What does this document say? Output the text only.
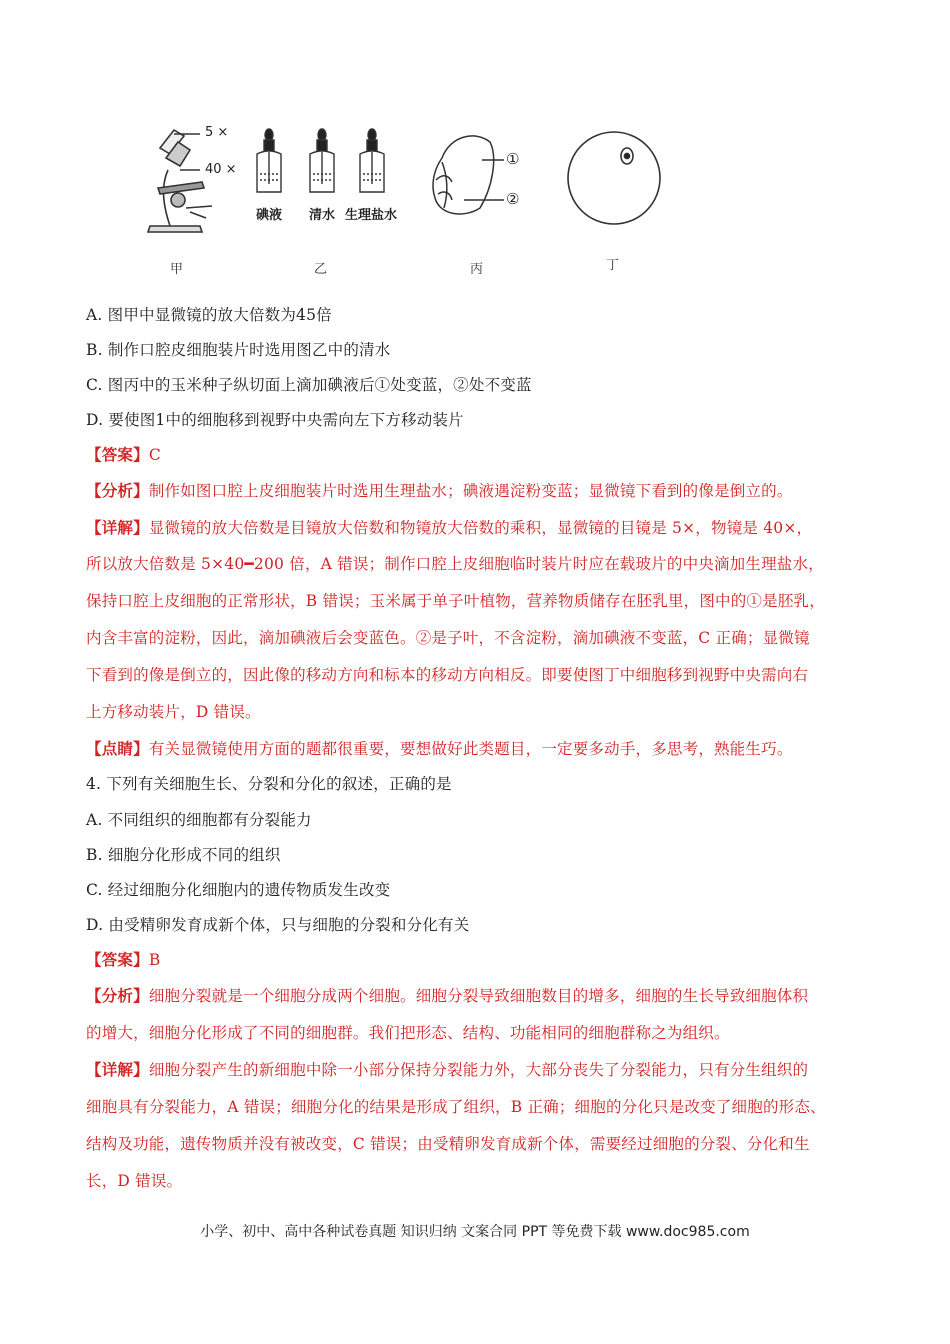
5 ×
40 ×
碘液 清水 生理盐水
①
②
甲	乙	丙	丁
A. 图甲中显微镜的放大倍数为45倍
B. 制作口腔皮细胞装片时选用图乙中的清水
C. 图丙中的玉米种子纵切面上滴加碘液后①处变蓝，②处不变蓝
D. 要使图1中的细胞移到视野中央需向左下方移动装片
【答案】C
【分析】制作如图口腔上皮细胞装片时选用生理盐水；碘液遇淀粉变蓝；显微镜下看到的像是倒立的。
【详解】显微镜的放大倍数是目镜放大倍数和物镜放大倍数的乘积，显微镜的目镜是 5×，物镜是 40×，
所以放大倍数是 5×40━200 倍，A 错误；制作口腔上皮细胞临时装片时应在载玻片的中央滴加生理盐水，
保持口腔上皮细胞的正常形状，B 错误；玉米属于单子叶植物，营养物质储存在胚乳里，图中的①是胚乳，
内含丰富的淀粉，因此，滴加碘液后会变蓝色。②是子叶，不含淀粉，滴加碘液不变蓝，C 正确；显微镜
下看到的像是倒立的，因此像的移动方向和标本的移动方向相反。即要使图丁中细胞移到视野中央需向右
上方移动装片，D 错误。
【点睛】有关显微镜使用方面的题都很重要，要想做好此类题目，一定要多动手，多思考，熟能生巧。
4. 下列有关细胞生长、分裂和分化的叙述，正确的是
A. 不同组织的细胞都有分裂能力
B. 细胞分化形成不同的组织
C. 经过细胞分化细胞内的遗传物质发生改变
D. 由受精卵发育成新个体，只与细胞的分裂和分化有关
【答案】B
【分析】细胞分裂就是一个细胞分成两个细胞。细胞分裂导致细胞数目的增多，细胞的生长导致细胞体积
的增大，细胞分化形成了不同的细胞群。我们把形态、结构、功能相同的细胞群称之为组织。
【详解】细胞分裂产生的新细胞中除一小部分保持分裂能力外，大部分丧失了分裂能力，只有分生组织的
细胞具有分裂能力，A 错误；细胞分化的结果是形成了组织，B 正确；细胞的分化只是改变了细胞的形态、
结构及功能，遗传物质并没有被改变，C 错误；由受精卵发育成新个体，需要经过细胞的分裂、分化和生
长，D 错误。
小学、初中、高中各种试卷真题 知识归纳 文案合同 PPT 等免费下载 www.doc985.com
